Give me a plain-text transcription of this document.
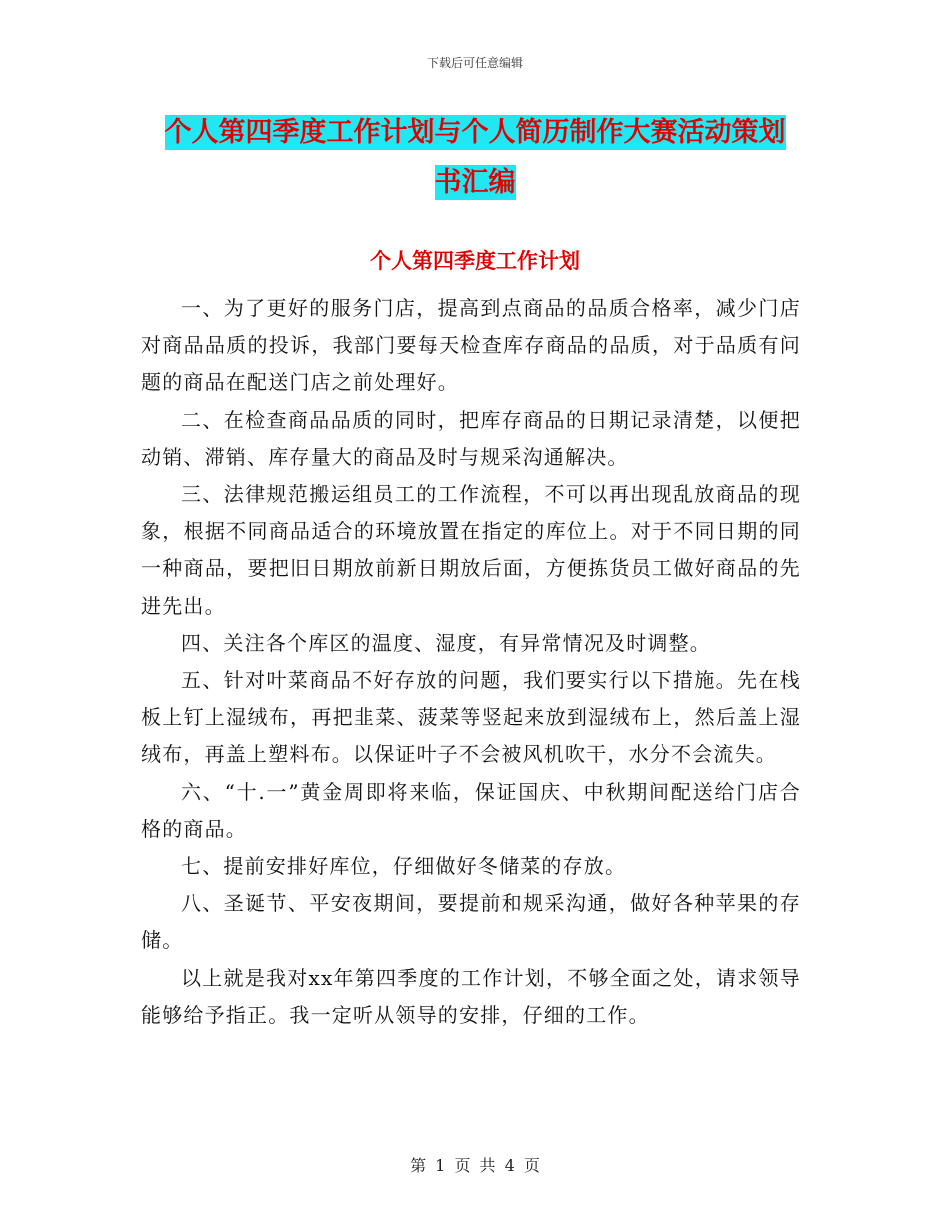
下载后可任意编辑
个人第四季度工作计划与个人简历制作大赛活动策划
书汇编
个人第四季度工作计划

一、为了更好的服务门店，提高到点商品的品质合格率，减少门店对商品品质的投诉，我部门要每天检查库存商品的品质，对于品质有问题的商品在配送门店之前处理好。

二、在检查商品品质的同时，把库存商品的日期记录清楚，以便把动销、滞销、库存量大的商品及时与规采沟通解决。

三、法律规范搬运组员工的工作流程，不可以再出现乱放商品的现象，根据不同商品适合的环境放置在指定的库位上。对于不同日期的同一种商品，要把旧日期放前新日期放后面，方便拣货员工做好商品的先进先出。

四、关注各个库区的温度、湿度，有异常情况及时调整。

五、针对叶菜商品不好存放的问题，我们要实行以下措施。先在栈板上钉上湿绒布，再把韭菜、菠菜等竖起来放到湿绒布上，然后盖上湿绒布，再盖上塑料布。以保证叶子不会被风机吹干，水分不会流失。

六、“十.一”黄金周即将来临，保证国庆、中秋期间配送给门店合格的商品。

七、提前安排好库位，仔细做好冬储菜的存放。

八、圣诞节、平安夜期间，要提前和规采沟通，做好各种苹果的存储。

以上就是我对xx年第四季度的工作计划，不够全面之处，请求领导能够给予指正。我一定听从领导的安排，仔细的工作。

第 1 页 共 4 页
